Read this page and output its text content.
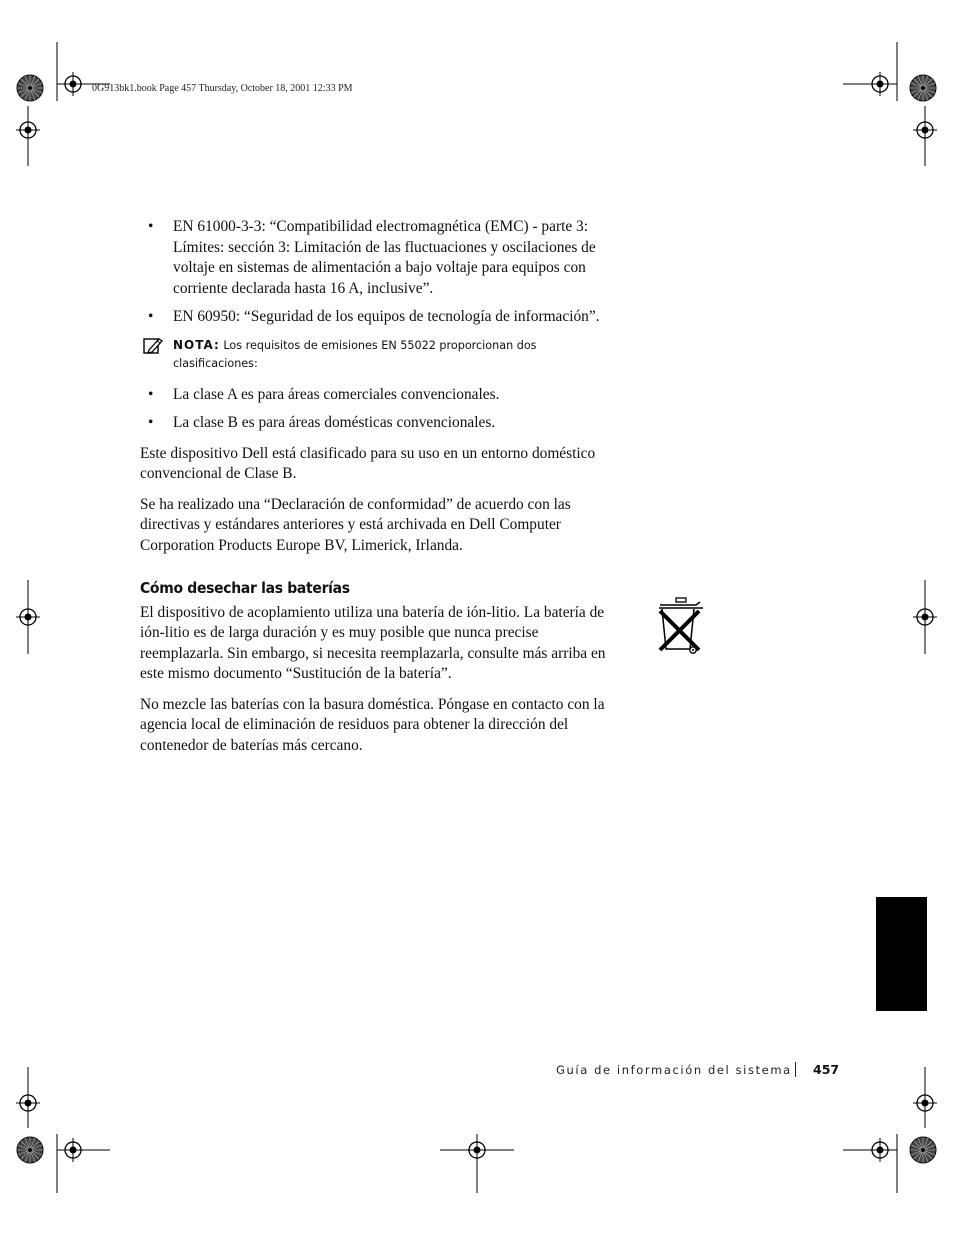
0G913bk1.book Page 457 Thursday, October 18, 2001 12:33 PM
• EN 61000-3-3: “Compatibilidad electromagnética (EMC) - parte 3: Límites: sección 3: Limitación de las fluctuaciones y oscilaciones de voltaje en sistemas de alimentación a bajo voltaje para equipos con corriente declarada hasta 16 A, inclusive”.
• EN 60950: “Seguridad de los equipos de tecnología de información”.
NOTA: Los requisitos de emisiones EN 55022 proporcionan dos clasificaciones:
• La clase A es para áreas comerciales convencionales.
• La clase B es para áreas domésticas convencionales.

Este dispositivo Dell está clasificado para su uso en un entorno doméstico convencional de Clase B.

Se ha realizado una “Declaración de conformidad” de acuerdo con las directivas y estándares anteriores y está archivada en Dell Computer Corporation Products Europe BV, Limerick, Irlanda.

Cómo desechar las baterías

El dispositivo de acoplamiento utiliza una batería de ión-litio. La batería de ión-litio es de larga duración y es muy posible que nunca precise reemplazarla. Sin embargo, si necesita reemplazarla, consulte más arriba en este mismo documento “Sustitución de la batería”.

No mezcle las baterías con la basura doméstica. Póngase en contacto con la agencia local de eliminación de residuos para obtener la dirección del contenedor de baterías más cercano.

Guía de información del sistema 457
